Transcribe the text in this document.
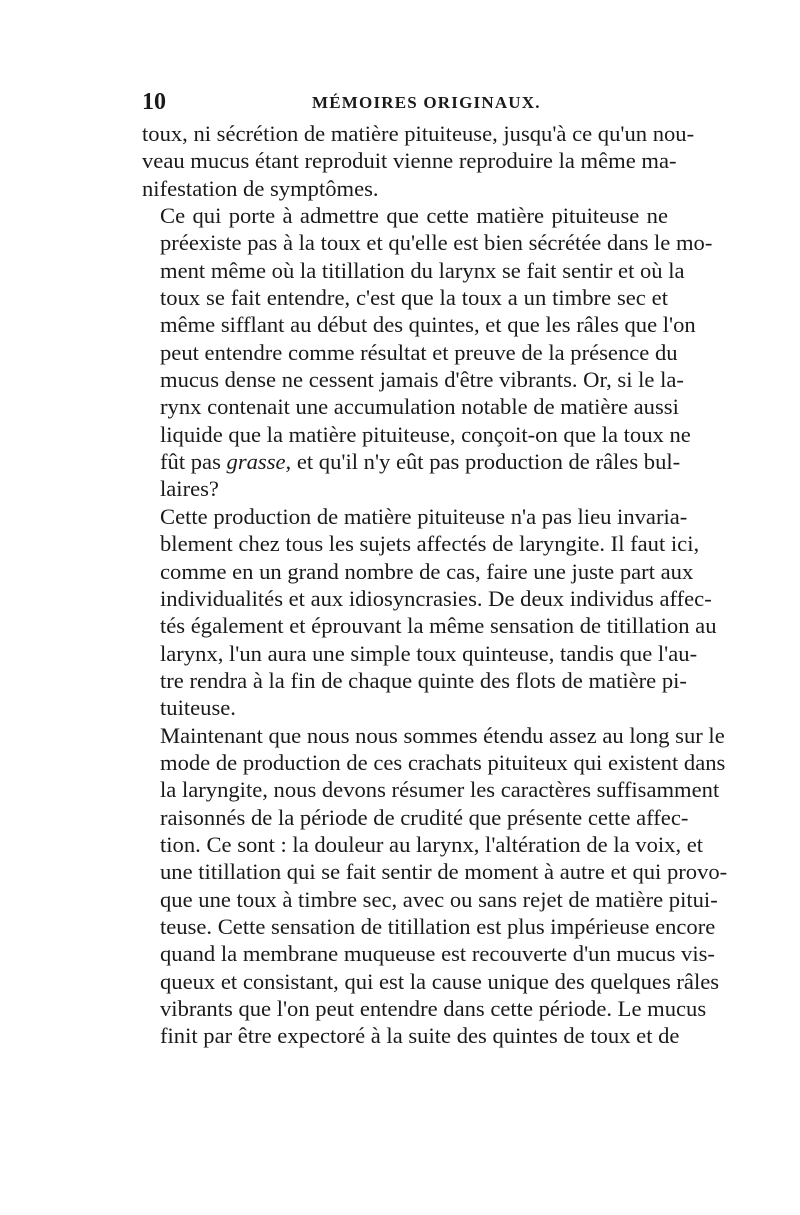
10	MÉMOIRES ORIGINAUX.

toux, ni sécrétion de matière pituiteuse, jusqu'à ce qu'un nou-
veau mucus étant reproduit vienne reproduire la même ma-
nifestation de symptômes.

Ce qui porte à admettre que cette matière pituiteuse ne
préexiste pas à la toux et qu'elle est bien sécrétée dans le mo-
ment même où la titillation du larynx se fait sentir et où la
toux se fait entendre, c'est que la toux a un timbre sec et
même sifflant au début des quintes, et que les râles que l'on
peut entendre comme résultat et preuve de la présence du
mucus dense ne cessent jamais d'être vibrants. Or, si le la-
rynx contenait une accumulation notable de matière aussi
liquide que la matière pituiteuse, conçoit-on que la toux ne
fût pas grasse, et qu'il n'y eût pas production de râles bul-
laires?

Cette production de matière pituiteuse n'a pas lieu invaria-
blement chez tous les sujets affectés de laryngite. Il faut ici,
comme en un grand nombre de cas, faire une juste part aux
individualités et aux idiosyncrasies. De deux individus affec-
tés également et éprouvant la même sensation de titillation au
larynx, l'un aura une simple toux quinteuse, tandis que l'au-
tre rendra à la fin de chaque quinte des flots de matière pi-
tuiteuse.

Maintenant que nous nous sommes étendu assez au long sur le
mode de production de ces crachats pituiteux qui existent dans
la laryngite, nous devons résumer les caractères suffisamment
raisonnés de la période de crudité que présente cette affec-
tion. Ce sont : la douleur au larynx, l'altération de la voix, et
une titillation qui se fait sentir de moment à autre et qui provo-
que une toux à timbre sec, avec ou sans rejet de matière pitui-
teuse. Cette sensation de titillation est plus impérieuse encore
quand la membrane muqueuse est recouverte d'un mucus vis-
queux et consistant, qui est la cause unique des quelques râles
vibrants que l'on peut entendre dans cette période. Le mucus
finit par être expectoré à la suite des quintes de toux et de
